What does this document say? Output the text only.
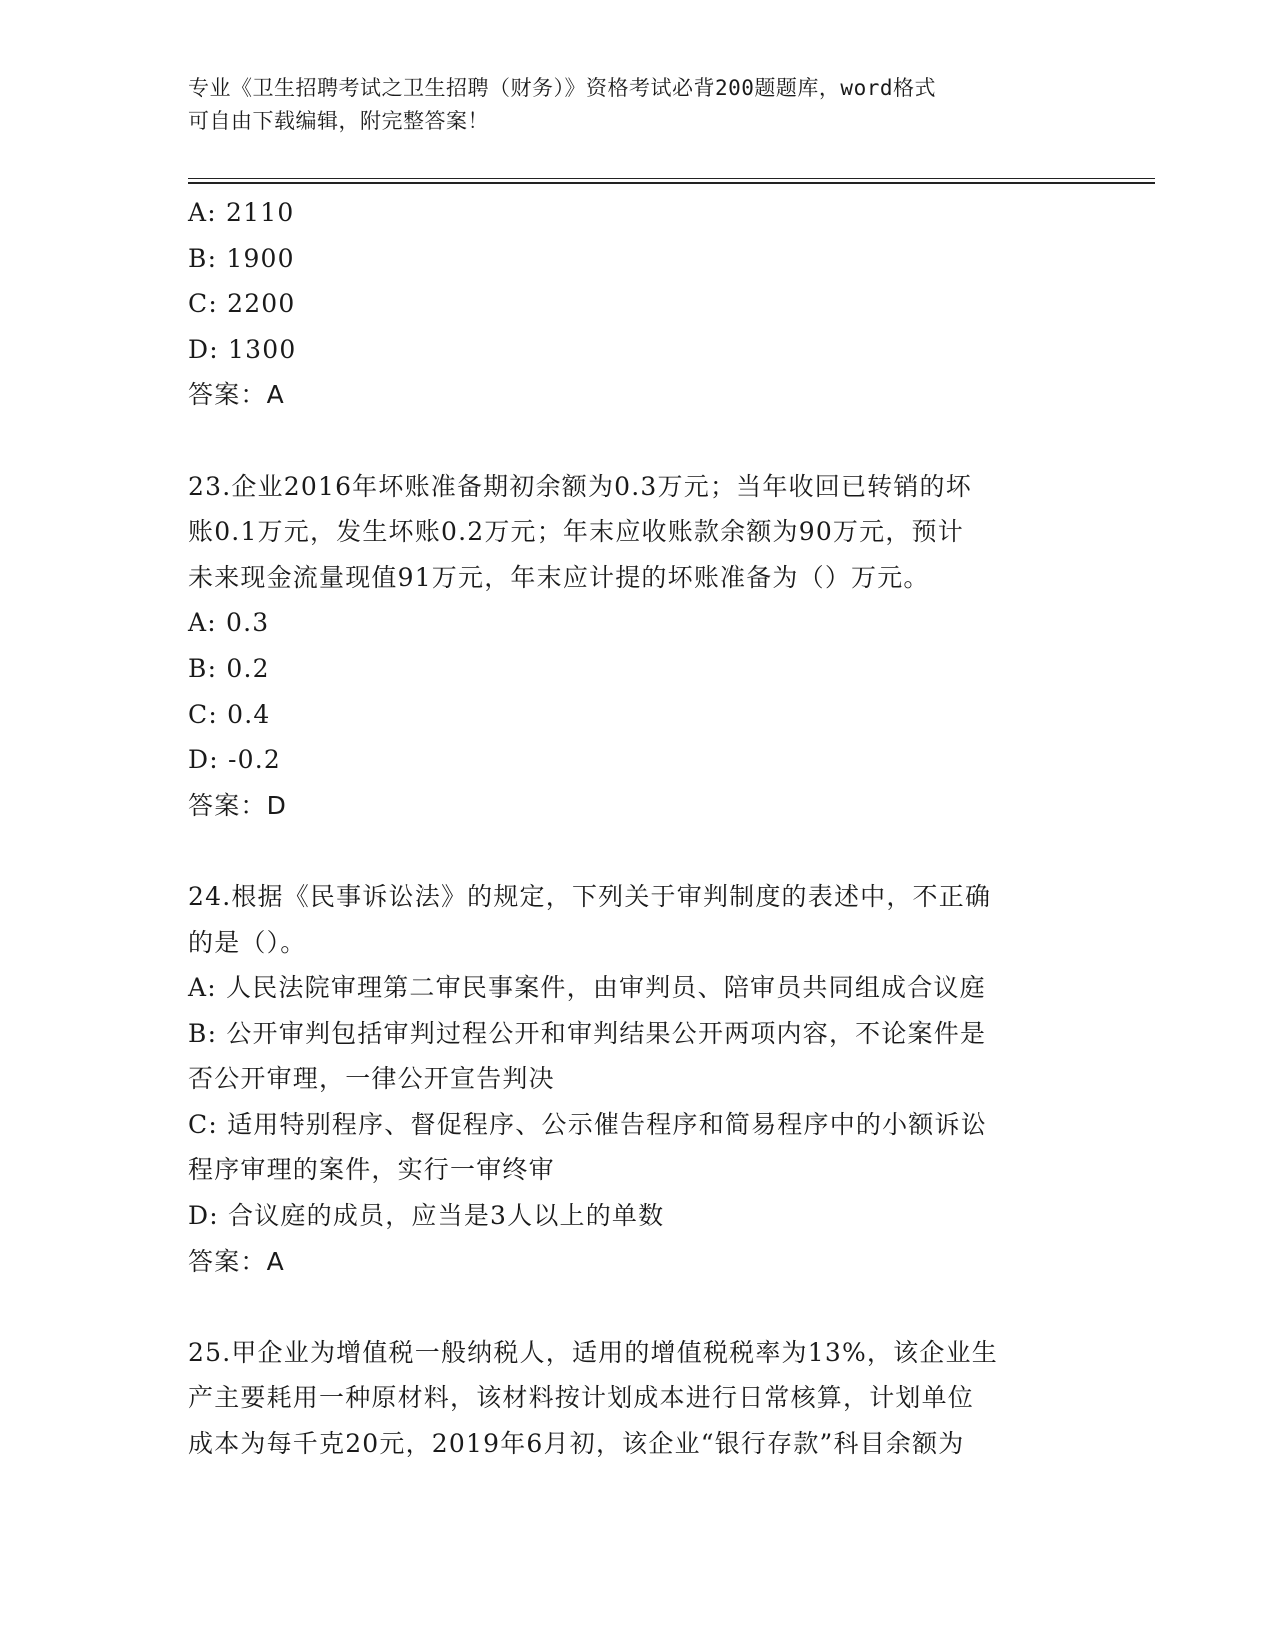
专业《卫生招聘考试之卫生招聘（财务）》资格考试必背200题题库，word格式
可自由下载编辑，附完整答案！
A: 2110
B: 1900
C: 2200
D: 1300
答案：A
23.企业2016年坏账准备期初余额为0.3万元；当年收回已转销的坏
账0.1万元，发生坏账0.2万元；年末应收账款余额为90万元，预计
未来现金流量现值91万元，年末应计提的坏账准备为（）万元。
A: 0.3
B: 0.2
C: 0.4
D: -0.2
答案：D
24.根据《民事诉讼法》的规定，下列关于审判制度的表述中，不正确
的是（）。
A: 人民法院审理第二审民事案件，由审判员、陪审员共同组成合议庭
B: 公开审判包括审判过程公开和审判结果公开两项内容，不论案件是
否公开审理，一律公开宣告判决
C: 适用特别程序、督促程序、公示催告程序和简易程序中的小额诉讼
程序审理的案件，实行一审终审
D: 合议庭的成员，应当是3人以上的单数
答案：A
25.甲企业为增值税一般纳税人，适用的增值税税率为13%，该企业生
产主要耗用一种原材料，该材料按计划成本进行日常核算，计划单位
成本为每千克20元，2019年6月初，该企业“银行存款”科目余额为
